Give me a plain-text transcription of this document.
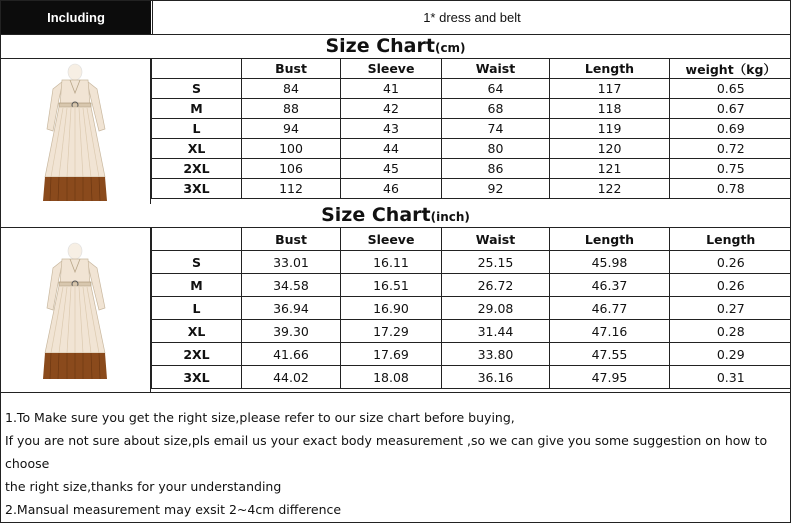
Including	1* dress and belt
Size Chart(cm)
	Bust	Sleeve	Waist	Length	weight（kg）
S	84	41	64	117	0.65
M	88	42	68	118	0.67
L	94	43	74	119	0.69
XL	100	44	80	120	0.72
2XL	106	45	86	121	0.75
3XL	112	46	92	122	0.78
Size Chart(inch)
	Bust	Sleeve	Waist	Length	Length
S	33.01	16.11	25.15	45.98	0.26
M	34.58	16.51	26.72	46.37	0.26
L	36.94	16.90	29.08	46.77	0.27
XL	39.30	17.29	31.44	47.16	0.28
2XL	41.66	17.69	33.80	47.55	0.29
3XL	44.02	18.08	36.16	47.95	0.31

1.To Make sure you get the right size,please refer to our size chart before buying,

If you are not sure about size,pls email us your exact body measurement ,so we can give you some suggestion on how to choose

the right size,thanks for your understanding

2.Mansual measurement may exsit 2~4cm difference
